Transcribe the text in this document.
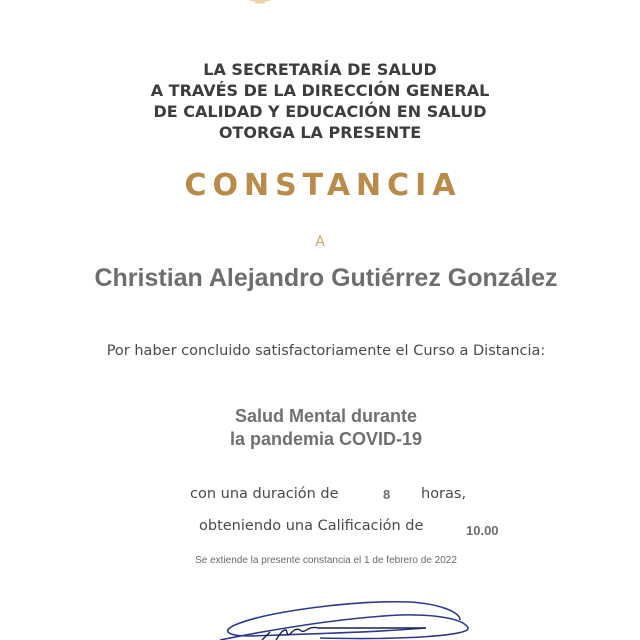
LA SECRETARÍA DE SALUD
A TRAVÉS DE LA DIRECCIÓN GENERAL
DE CALIDAD Y EDUCACIÓN EN SALUD
OTORGA LA PRESENTE
CONSTANCIA
A
Christian Alejandro Gutiérrez González
Por haber concluido satisfactoriamente el Curso a Distancia:
Salud Mental durante
la pandemia COVID-19
con una duración de	8 horas,
obteniendo una Calificación de	10.00
Se extiende la presente constancia el 1 de febrero de 2022
